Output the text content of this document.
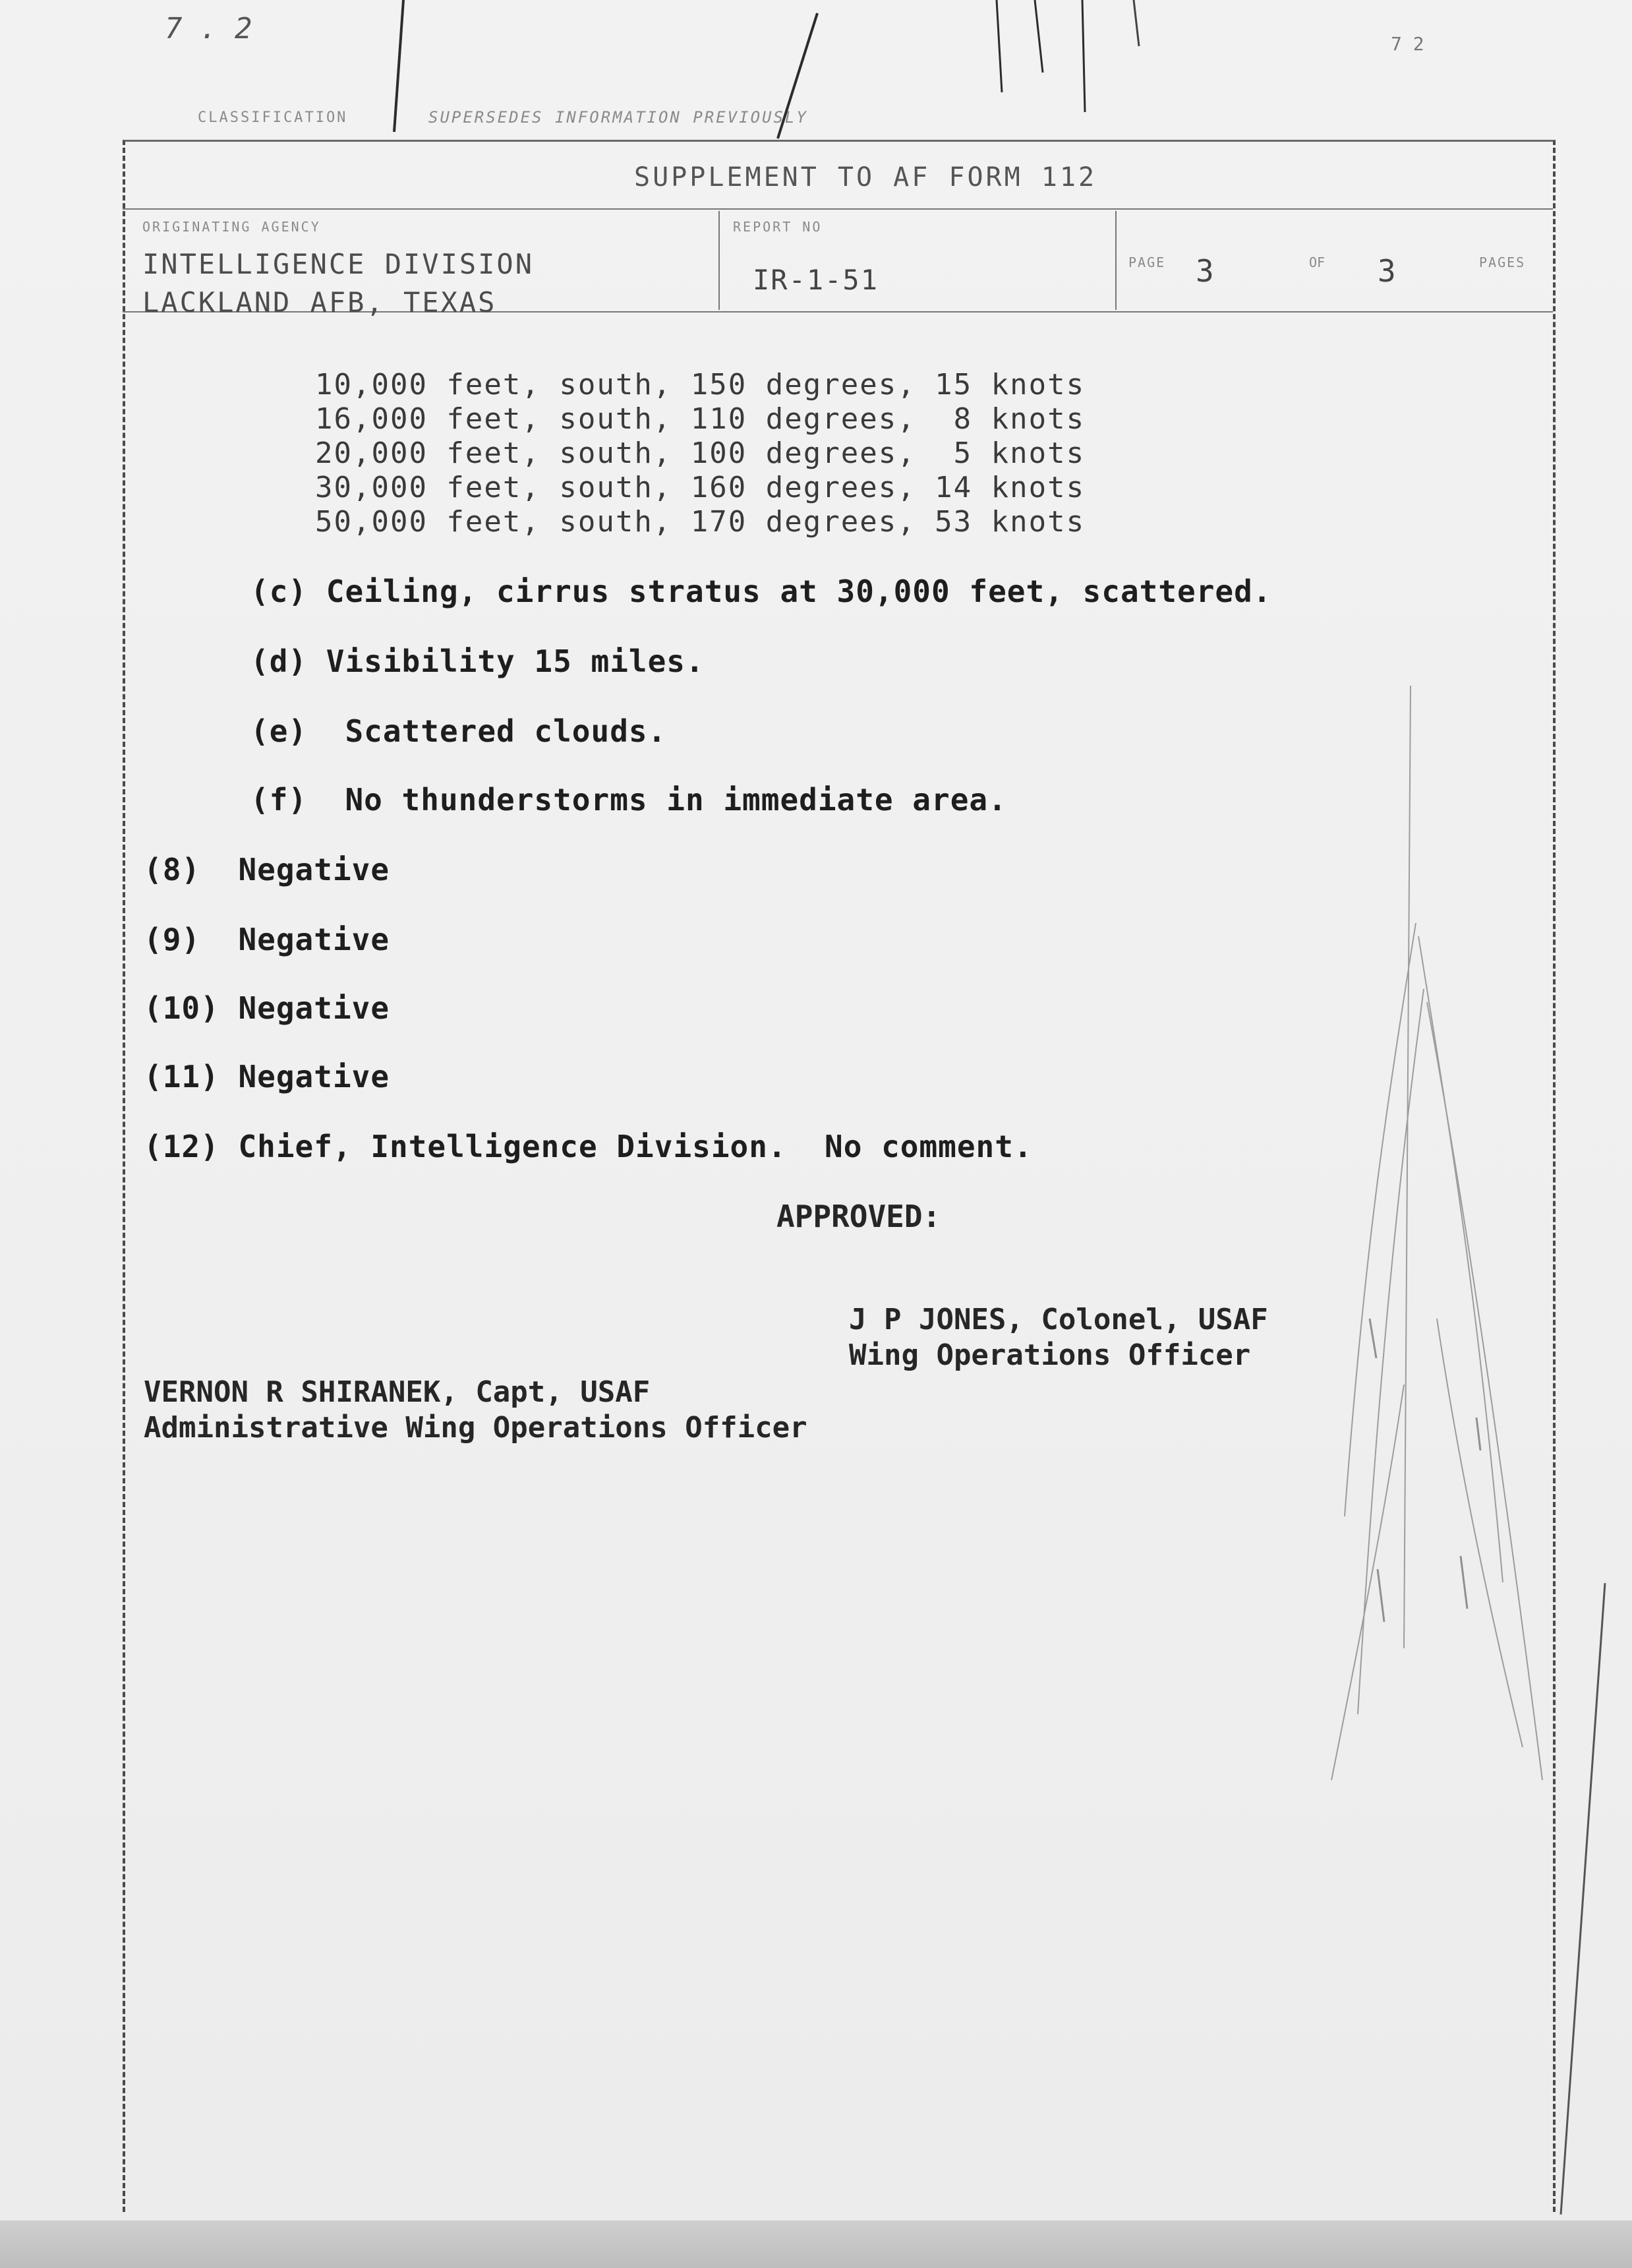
7 . 2	7 2
CLASSIFICATION	SUPERSEDES INFORMATION PREVIOUSLY
SUPPLEMENT TO AF FORM 112
ORIGINATING AGENCY
INTELLIGENCE DIVISION
LACKLAND AFB, TEXAS
REPORT NO
IR-1-51
PAGE 3	OF 3	PAGES
10,000 feet, south, 150 degrees, 15 knots
16,000 feet, south, 110 degrees,  8 knots
20,000 feet, south, 100 degrees,  5 knots
30,000 feet, south, 160 degrees, 14 knots
50,000 feet, south, 170 degrees, 53 knots
(c) Ceiling, cirrus stratus at 30,000 feet, scattered.
(d) Visibility 15 miles.
(e)  Scattered clouds.
(f)  No thunderstorms in immediate area.
(8)  Negative
(9)  Negative
(10) Negative
(11) Negative
(12) Chief, Intelligence Division.  No comment.
APPROVED:
J P JONES, Colonel, USAF
Wing Operations Officer
VERNON R SHIRANEK, Capt, USAF
Administrative Wing Operations Officer
